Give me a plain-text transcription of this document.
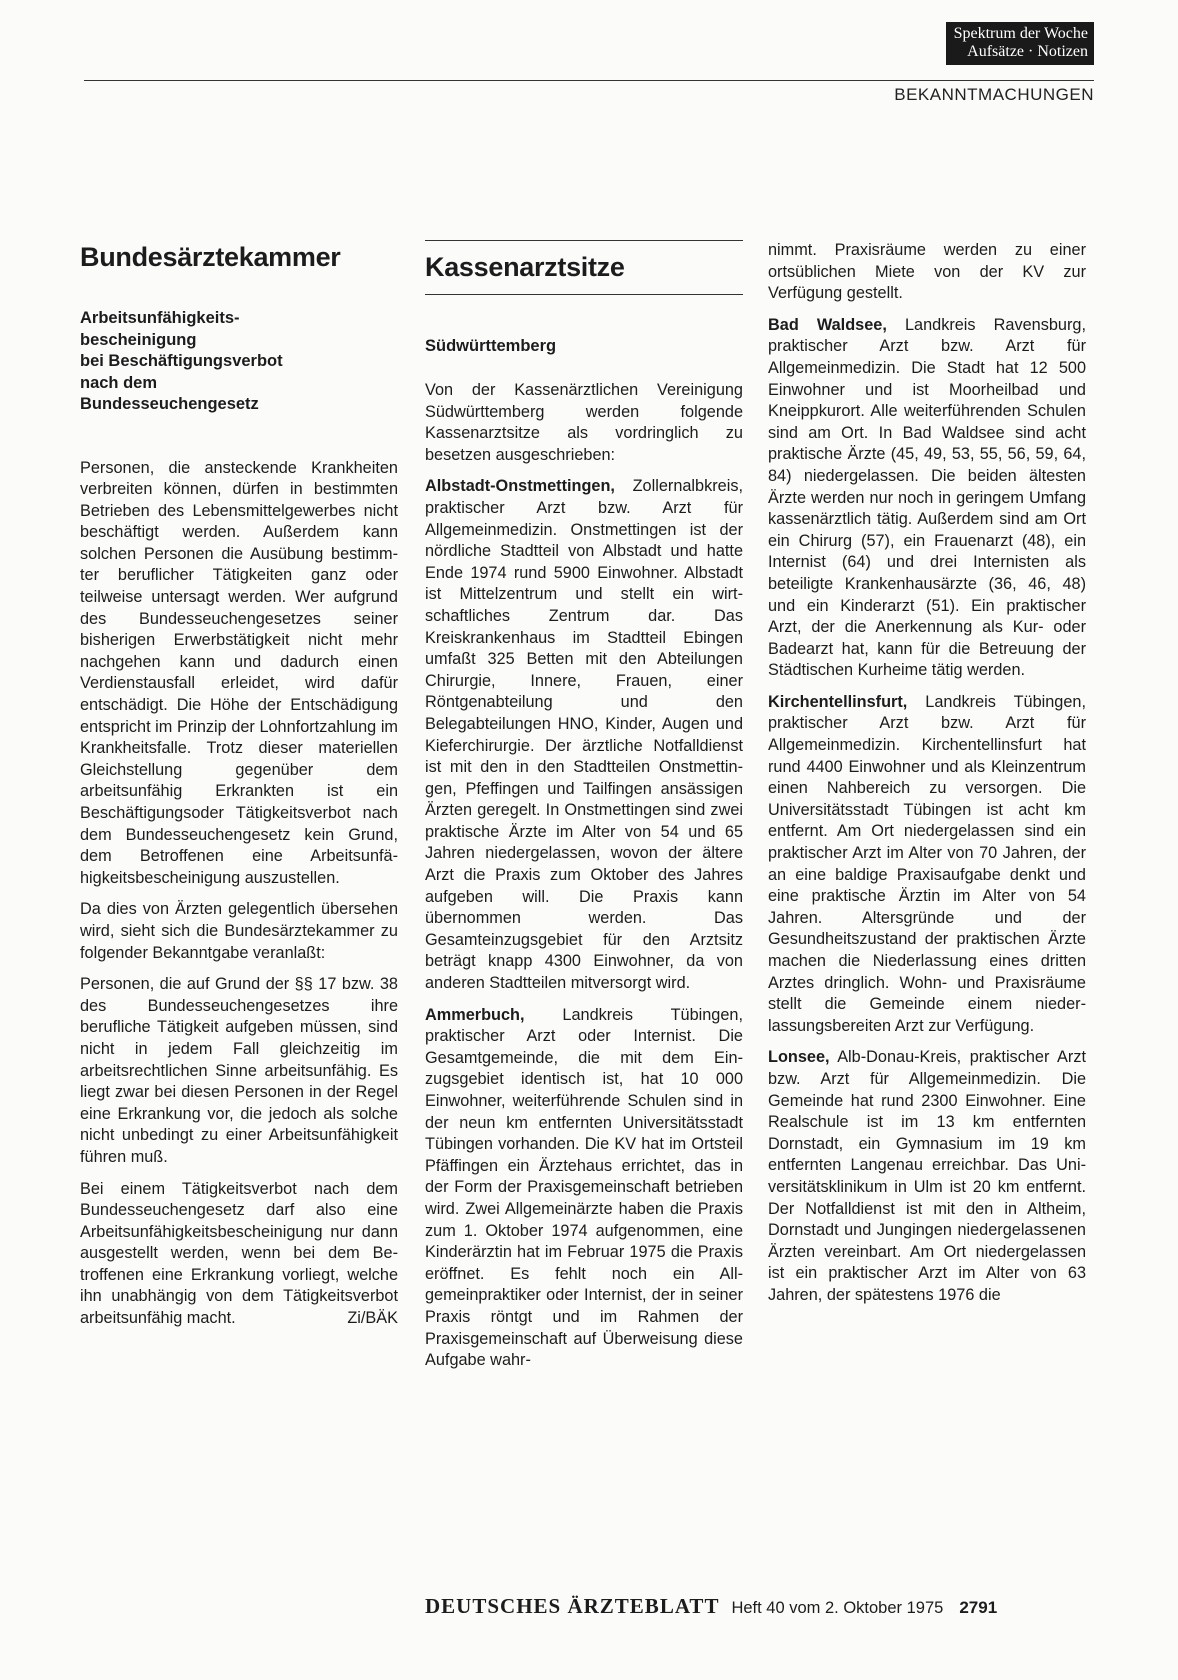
Spektrum der Woche
Aufsätze · Notizen
BEKANNTMACHUNGEN
Bundesärztekammer
Arbeitsunfähigkeits-
bescheinigung
bei Beschäftigungsverbot
nach dem
Bundesseuchengesetz

Personen, die ansteckende Krankheiten verbreiten können, dürfen in bestimmten Betrieben des Lebensmittelgewerbes nicht beschäftigt werden. Außerdem kann solchen Personen die Ausübung bestimmter beruflicher Tätigkeiten ganz oder teilweise untersagt werden. Wer aufgrund des Bundesseuchengesetzes seiner bisherigen Erwerbstätigkeit nicht mehr nachgehen kann und dadurch einen Verdienstausfall erleidet, wird dafür entschädigt. Die Höhe der Entschädigung entspricht im Prinzip der Lohnfortzahlung im Krankheitsfalle. Trotz dieser materiellen Gleichstellung gegenüber dem arbeitsunfähig Erkrankten ist ein Beschäftigungsoder Tätigkeitsverbot nach dem Bundesseuchengesetz kein Grund, dem Betroffenen eine Arbeitsunfähigkeitsbescheinigung auszustellen.

Da dies von Ärzten gelegentlich übersehen wird, sieht sich die Bundesärztekammer zu folgender Bekanntgabe veranlaßt:

Personen, die auf Grund der §§ 17 bzw. 38 des Bundesseuchengesetzes ihre berufliche Tätigkeit aufgeben müssen, sind nicht in jedem Fall gleichzeitig im arbeitsrechtlichen Sinne arbeitsunfähig. Es liegt zwar bei diesen Personen in der Regel eine Erkrankung vor, die jedoch als solche nicht unbedingt zu einer Arbeitsunfähigkeit führen muß.

Bei einem Tätigkeitsverbot nach dem Bundesseuchengesetz darf also eine Arbeitsunfähigkeitsbescheinigung nur dann ausgestellt werden, wenn bei dem Betroffenen eine Erkrankung vorliegt, welche ihn unabhängig von dem Tätigkeitsverbot arbeitsunfähig macht.	Zi/BÄK

Kassenarztsitze
Südwürttemberg

Von der Kassenärztlichen Vereinigung Südwürttemberg werden folgende Kassenarztsitze als vordringlich zu besetzen ausgeschrieben:

Albstadt-Onstmettingen, Zollernalbkreis, praktischer Arzt bzw. Arzt für Allgemeinmedizin. Onstmettingen ist der nördliche Stadtteil von Albstadt und hatte Ende 1974 rund 5900 Einwohner. Albstadt ist Mittelzentrum und stellt ein wirtschaftliches Zentrum dar. Das Kreiskrankenhaus im Stadtteil Ebingen umfaßt 325 Betten mit den Abteilungen Chirurgie, Innere, Frauen, einer Röntgenabteilung und den Belegabteilungen HNO, Kinder, Augen und Kieferchirurgie. Der ärztliche Notfalldienst ist mit den in den Stadtteilen Onstmettingen, Pfeffingen und Tailfingen ansässigen Ärzten geregelt. In Onstmettingen sind zwei praktische Ärzte im Alter von 54 und 65 Jahren niedergelassen, wovon der ältere Arzt die Praxis zum Oktober des Jahres aufgeben will. Die Praxis kann übernommen werden. Das Gesamteinzugsgebiet für den Arztsitz beträgt knapp 4300 Einwohner, da von anderen Stadtteilen mitversorgt wird.

Ammerbuch, Landkreis Tübingen, praktischer Arzt oder Internist. Die Gesamtgemeinde, die mit dem Einzugsgebiet identisch ist, hat 10 000 Einwohner, weiterführende Schulen sind in der neun km entfernten Universitätsstadt Tübingen vorhanden. Die KV hat im Ortsteil Pfäffingen ein Ärztehaus errichtet, das in der Form der Praxisgemeinschaft betrieben wird. Zwei Allgemeinärzte haben die Praxis zum 1. Oktober 1974 aufgenommen, eine Kinderärztin hat im Februar 1975 die Praxis eröffnet. Es fehlt noch ein Allgemeinpraktiker oder Internist, der in seiner Praxis röntgt und im Rahmen der Praxisgemeinschaft auf Überweisung diese Aufgabe wahr-

nimmt. Praxisräume werden zu einer ortsüblichen Miete von der KV zur Verfügung gestellt.

Bad Waldsee, Landkreis Ravensburg, praktischer Arzt bzw. Arzt für Allgemeinmedizin. Die Stadt hat 12 500 Einwohner und ist Moorheilbad und Kneippkurort. Alle weiterführenden Schulen sind am Ort. In Bad Waldsee sind acht praktische Ärzte (45, 49, 53, 55, 56, 59, 64, 84) niedergelassen. Die beiden ältesten Ärzte werden nur noch in geringem Umfang kassenärztlich tätig. Außerdem sind am Ort ein Chirurg (57), ein Frauenarzt (48), ein Internist (64) und drei Internisten als beteiligte Krankenhausärzte (36, 46, 48) und ein Kinderarzt (51). Ein praktischer Arzt, der die Anerkennung als Kur- oder Badearzt hat, kann für die Betreuung der Städtischen Kurheime tätig werden.

Kirchentellinsfurt, Landkreis Tübingen, praktischer Arzt bzw. Arzt für Allgemeinmedizin. Kirchentellinsfurt hat rund 4400 Einwohner und als Kleinzentrum einen Nahbereich zu versorgen. Die Universitätsstadt Tübingen ist acht km entfernt. Am Ort niedergelassen sind ein praktischer Arzt im Alter von 70 Jahren, der an eine baldige Praxisaufgabe denkt und eine praktische Ärztin im Alter von 54 Jahren. Altersgründe und der Gesundheitszustand der praktischen Ärzte machen die Niederlassung eines dritten Arztes dringlich. Wohn- und Praxisräume stellt die Gemeinde einem niederlassungsbereiten Arzt zur Verfügung.

Lonsee, Alb-Donau-Kreis, praktischer Arzt bzw. Arzt für Allgemeinmedizin. Die Gemeinde hat rund 2300 Einwohner. Eine Realschule ist im 13 km entfernten Dornstadt, ein Gymnasium im 19 km entfernten Langenau erreichbar. Das Universitätsklinikum in Ulm ist 20 km entfernt. Der Notfalldienst ist mit den in Altheim, Dornstadt und Jungingen niedergelassenen Ärzten vereinbart. Am Ort niedergelassen ist ein praktischer Arzt im Alter von 63 Jahren, der spätestens 1976 die

DEUTSCHES ÄRZTEBLATT Heft 40 vom 2. Oktober 1975 2791
